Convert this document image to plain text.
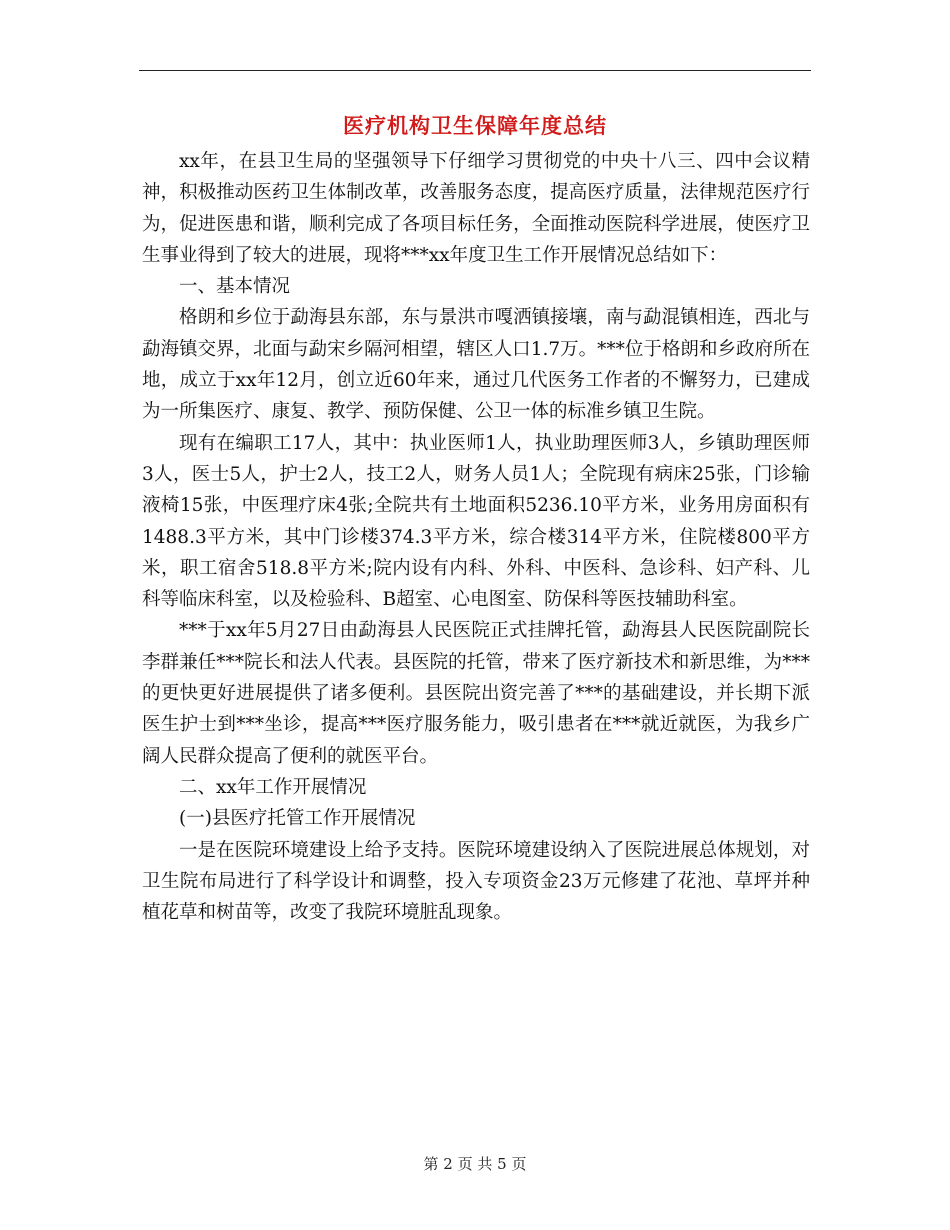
医疗机构卫生保障年度总结

xx年，在县卫生局的坚强领导下仔细学习贯彻党的中央十八三、四中会议精神，积极推动医药卫生体制改革，改善服务态度，提高医疗质量，法律规范医疗行为，促进医患和谐，顺利完成了各项目标任务，全面推动医院科学进展，使医疗卫生事业得到了较大的进展，现将***xx年度卫生工作开展情况总结如下：

一、基本情况

格朗和乡位于勐海县东部，东与景洪市嘎洒镇接壤，南与勐混镇相连，西北与勐海镇交界，北面与勐宋乡隔河相望，辖区人口1.7万。***位于格朗和乡政府所在地，成立于xx年12月，创立近60年来，通过几代医务工作者的不懈努力，已建成为一所集医疗、康复、教学、预防保健、公卫一体的标准乡镇卫生院。

现有在编职工17人，其中：执业医师1人，执业助理医师3人，乡镇助理医师3人，医士5人，护士2人，技工2人，财务人员1人；全院现有病床25张，门诊输液椅15张，中医理疗床4张;全院共有土地面积5236.10平方米，业务用房面积有1488.3平方米，其中门诊楼374.3平方米，综合楼314平方米，住院楼800平方米，职工宿舍518.8平方米;院内设有内科、外科、中医科、急诊科、妇产科、儿科等临床科室，以及检验科、B超室、心电图室、防保科等医技辅助科室。

***于xx年5月27日由勐海县人民医院正式挂牌托管，勐海县人民医院副院长李群兼任***院长和法人代表。县医院的托管，带来了医疗新技术和新思维，为***的更快更好进展提供了诸多便利。县医院出资完善了***的基础建设，并长期下派医生护士到***坐诊，提高***医疗服务能力，吸引患者在***就近就医，为我乡广阔人民群众提高了便利的就医平台。

二、xx年工作开展情况

(一)县医疗托管工作开展情况

一是在医院环境建设上给予支持。医院环境建设纳入了医院进展总体规划，对卫生院布局进行了科学设计和调整，投入专项资金23万元修建了花池、草坪并种植花草和树苗等，改变了我院环境脏乱现象。

第 2 页 共 5 页
